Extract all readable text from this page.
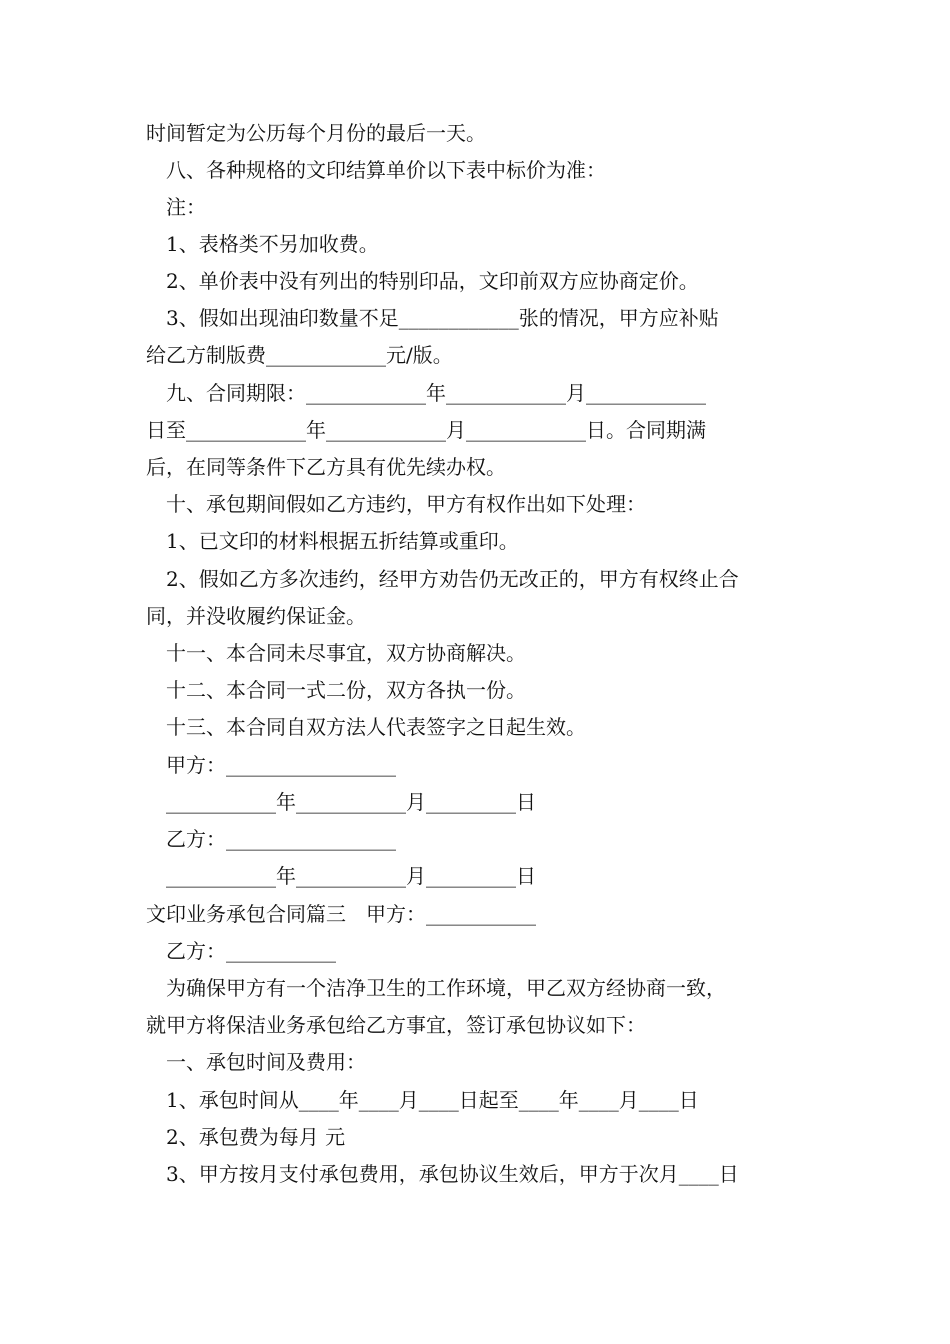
时间暂定为公历每个月份的最后一天。
八、各种规格的文印结算单价以下表中标价为准：
注：
1、表格类不另加收费。
2、单价表中没有列出的特别印品，文印前双方应协商定价。
3、假如出现油印数量不足____________张的情况，甲方应补贴
给乙方制版费____________元/版。
九、合同期限：____________年____________月____________
日至____________年____________月____________日。合同期满
后，在同等条件下乙方具有优先续办权。
十、承包期间假如乙方违约，甲方有权作出如下处理：
1、已文印的材料根据五折结算或重印。
2、假如乙方多次违约，经甲方劝告仍无改正的，甲方有权终止合
同，并没收履约保证金。
十一、本合同未尽事宜，双方协商解决。
十二、本合同一式二份，双方各执一份。
十三、本合同自双方法人代表签字之日起生效。
甲方：_________________
___________年___________月_________日
乙方：_________________
___________年___________月_________日
文印业务承包合同篇三　甲方：___________
乙方：___________
为确保甲方有一个洁净卫生的工作环境，甲乙双方经协商一致，
就甲方将保洁业务承包给乙方事宜，签订承包协议如下：
一、承包时间及费用：
1、承包时间从____年____月____日起至____年____月____日
2、承包费为每月 元
3、甲方按月支付承包费用，承包协议生效后，甲方于次月____日
